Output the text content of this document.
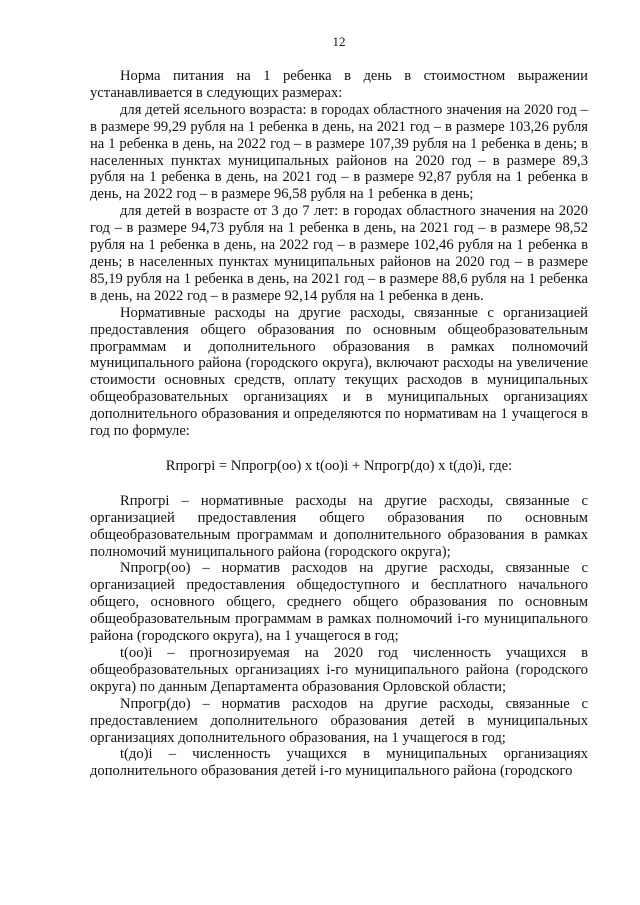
12

Норма питания на 1 ребенка в день в стоимостном выражении устанавливается в следующих размерах:

для детей ясельного возраста: в городах областного значения на 2020 год – в размере 99,29 рубля на 1 ребенка в день, на 2021 год – в размере 103,26 рубля на 1 ребенка в день, на 2022 год – в размере 107,39 рубля на 1 ребенка в день; в населенных пунктах муниципальных районов на 2020 год – в размере 89,3 рубля на 1 ребенка в день, на 2021 год – в размере 92,87 рубля на 1 ребенка в день, на 2022 год – в размере 96,58 рубля на 1 ребенка в день;

для детей в возрасте от 3 до 7 лет: в городах областного значения на 2020 год – в размере 94,73 рубля на 1 ребенка в день, на 2021 год – в размере 98,52 рубля на 1 ребенка в день, на 2022 год – в размере 102,46 рубля на 1 ребенка в день; в населенных пунктах муниципальных районов на 2020 год – в размере 85,19 рубля на 1 ребенка в день, на 2021 год – в размере 88,6 рубля на 1 ребенка в день, на 2022 год – в размере 92,14 рубля на 1 ребенка в день.

Нормативные расходы на другие расходы, связанные с организацией предоставления общего образования по основным общеобразовательным программам и дополнительного образования в рамках полномочий муниципального района (городского округа), включают расходы на увеличение стоимости основных средств, оплату текущих расходов в муниципальных общеобразовательных организациях и в муниципальных организациях дополнительного образования и определяются по нормативам на 1 учащегося в год по формуле:

Rпрогрi = Nпрогр(оо) x t(оо)i + Nпрогр(до) x t(до)i, где:

Rпрогрi – нормативные расходы на другие расходы, связанные с организацией предоставления общего образования по основным общеобразовательным программам и дополнительного образования в рамках полномочий муниципального района (городского округа);

Nпрогр(оо) – норматив расходов на другие расходы, связанные с организацией предоставления общедоступного и бесплатного начального общего, основного общего, среднего общего образования по основным общеобразовательным программам в рамках полномочий i-го муниципального района (городского округа), на 1 учащегося в год;

t(оо)i – прогнозируемая на 2020 год численность учащихся в общеобразовательных организациях i-го муниципального района (городского округа) по данным Департамента образования Орловской области;

Nпрогр(до) – норматив расходов на другие расходы, связанные с предоставлением дополнительного образования детей в муниципальных организациях дополнительного образования, на 1 учащегося в год;

t(до)i – численность учащихся в муниципальных организациях дополнительного образования детей i-го муниципального района (городского
